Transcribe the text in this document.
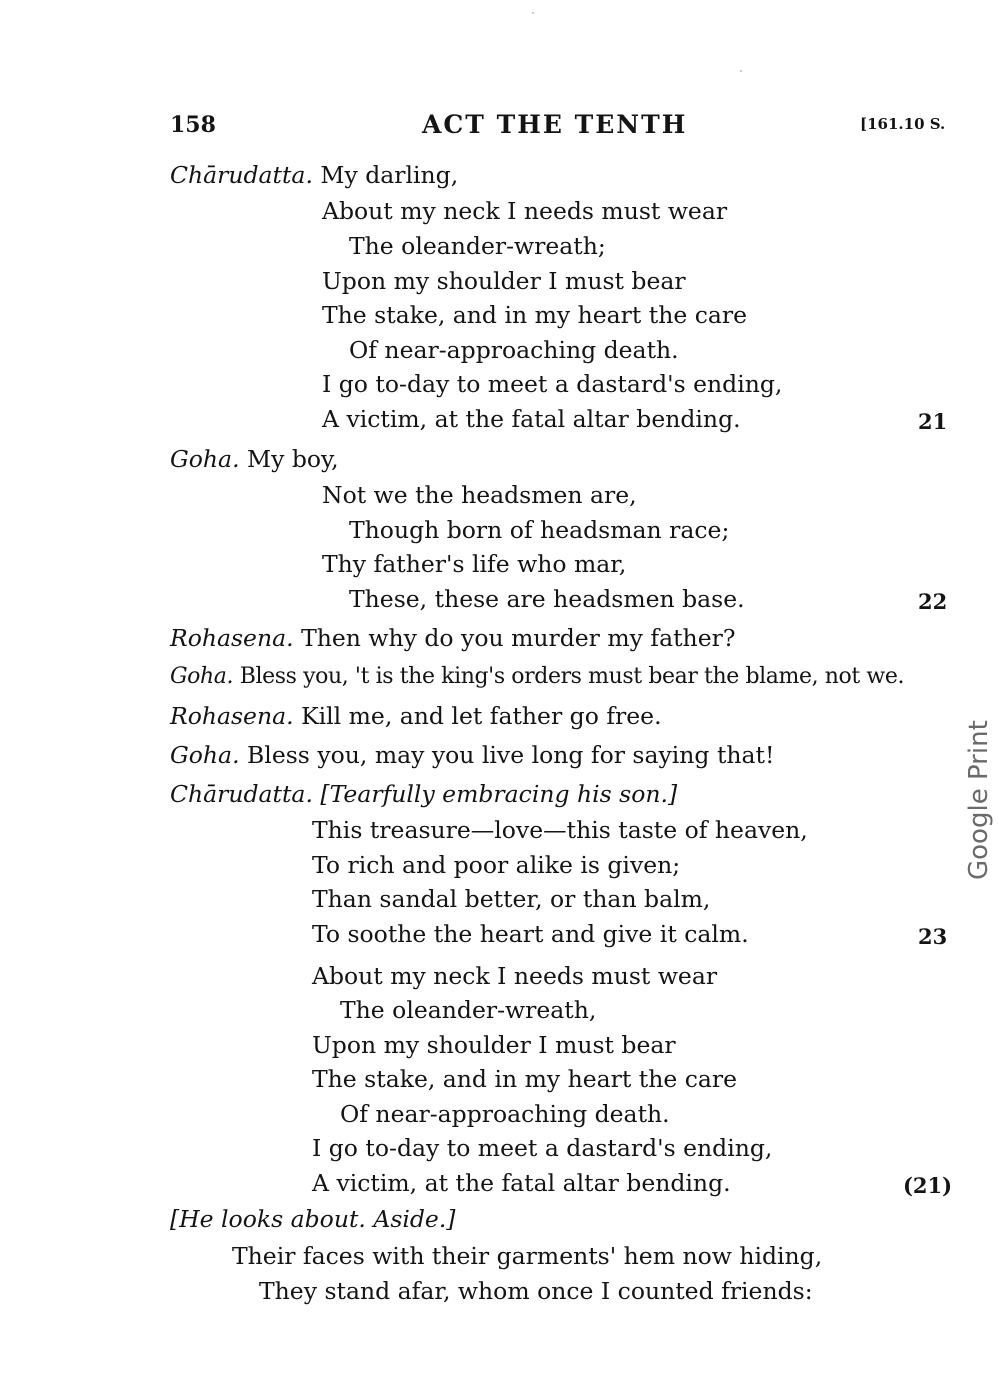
158	ACT THE TENTH	[161.10 S.
Chārudatta. My darling,
About my neck I needs must wear
The oleander-wreath;
Upon my shoulder I must bear
The stake, and in my heart the care
Of near-approaching death.
I go to-day to meet a dastard's ending,
A victim, at the fatal altar bending.	21
Goha. My boy,
Not we the headsmen are,
Though born of headsman race;
Thy father's life who mar,
These, these are headsmen base.	22
Rohasena. Then why do you murder my father?
Goha. Bless you, 't is the king's orders must bear the blame, not we.
Rohasena. Kill me, and let father go free.
Goha. Bless you, may you live long for saying that!
Chārudatta. [Tearfully embracing his son.]
This treasure—love—this taste of heaven,
To rich and poor alike is given;
Than sandal better, or than balm,
To soothe the heart and give it calm.	23
About my neck I needs must wear
The oleander-wreath,
Upon my shoulder I must bear
The stake, and in my heart the care
Of near-approaching death.
I go to-day to meet a dastard's ending,
A victim, at the fatal altar bending.	(21)
[He looks about. Aside.]
Their faces with their garments' hem now hiding,
They stand afar, whom once I counted friends:
Google Print
